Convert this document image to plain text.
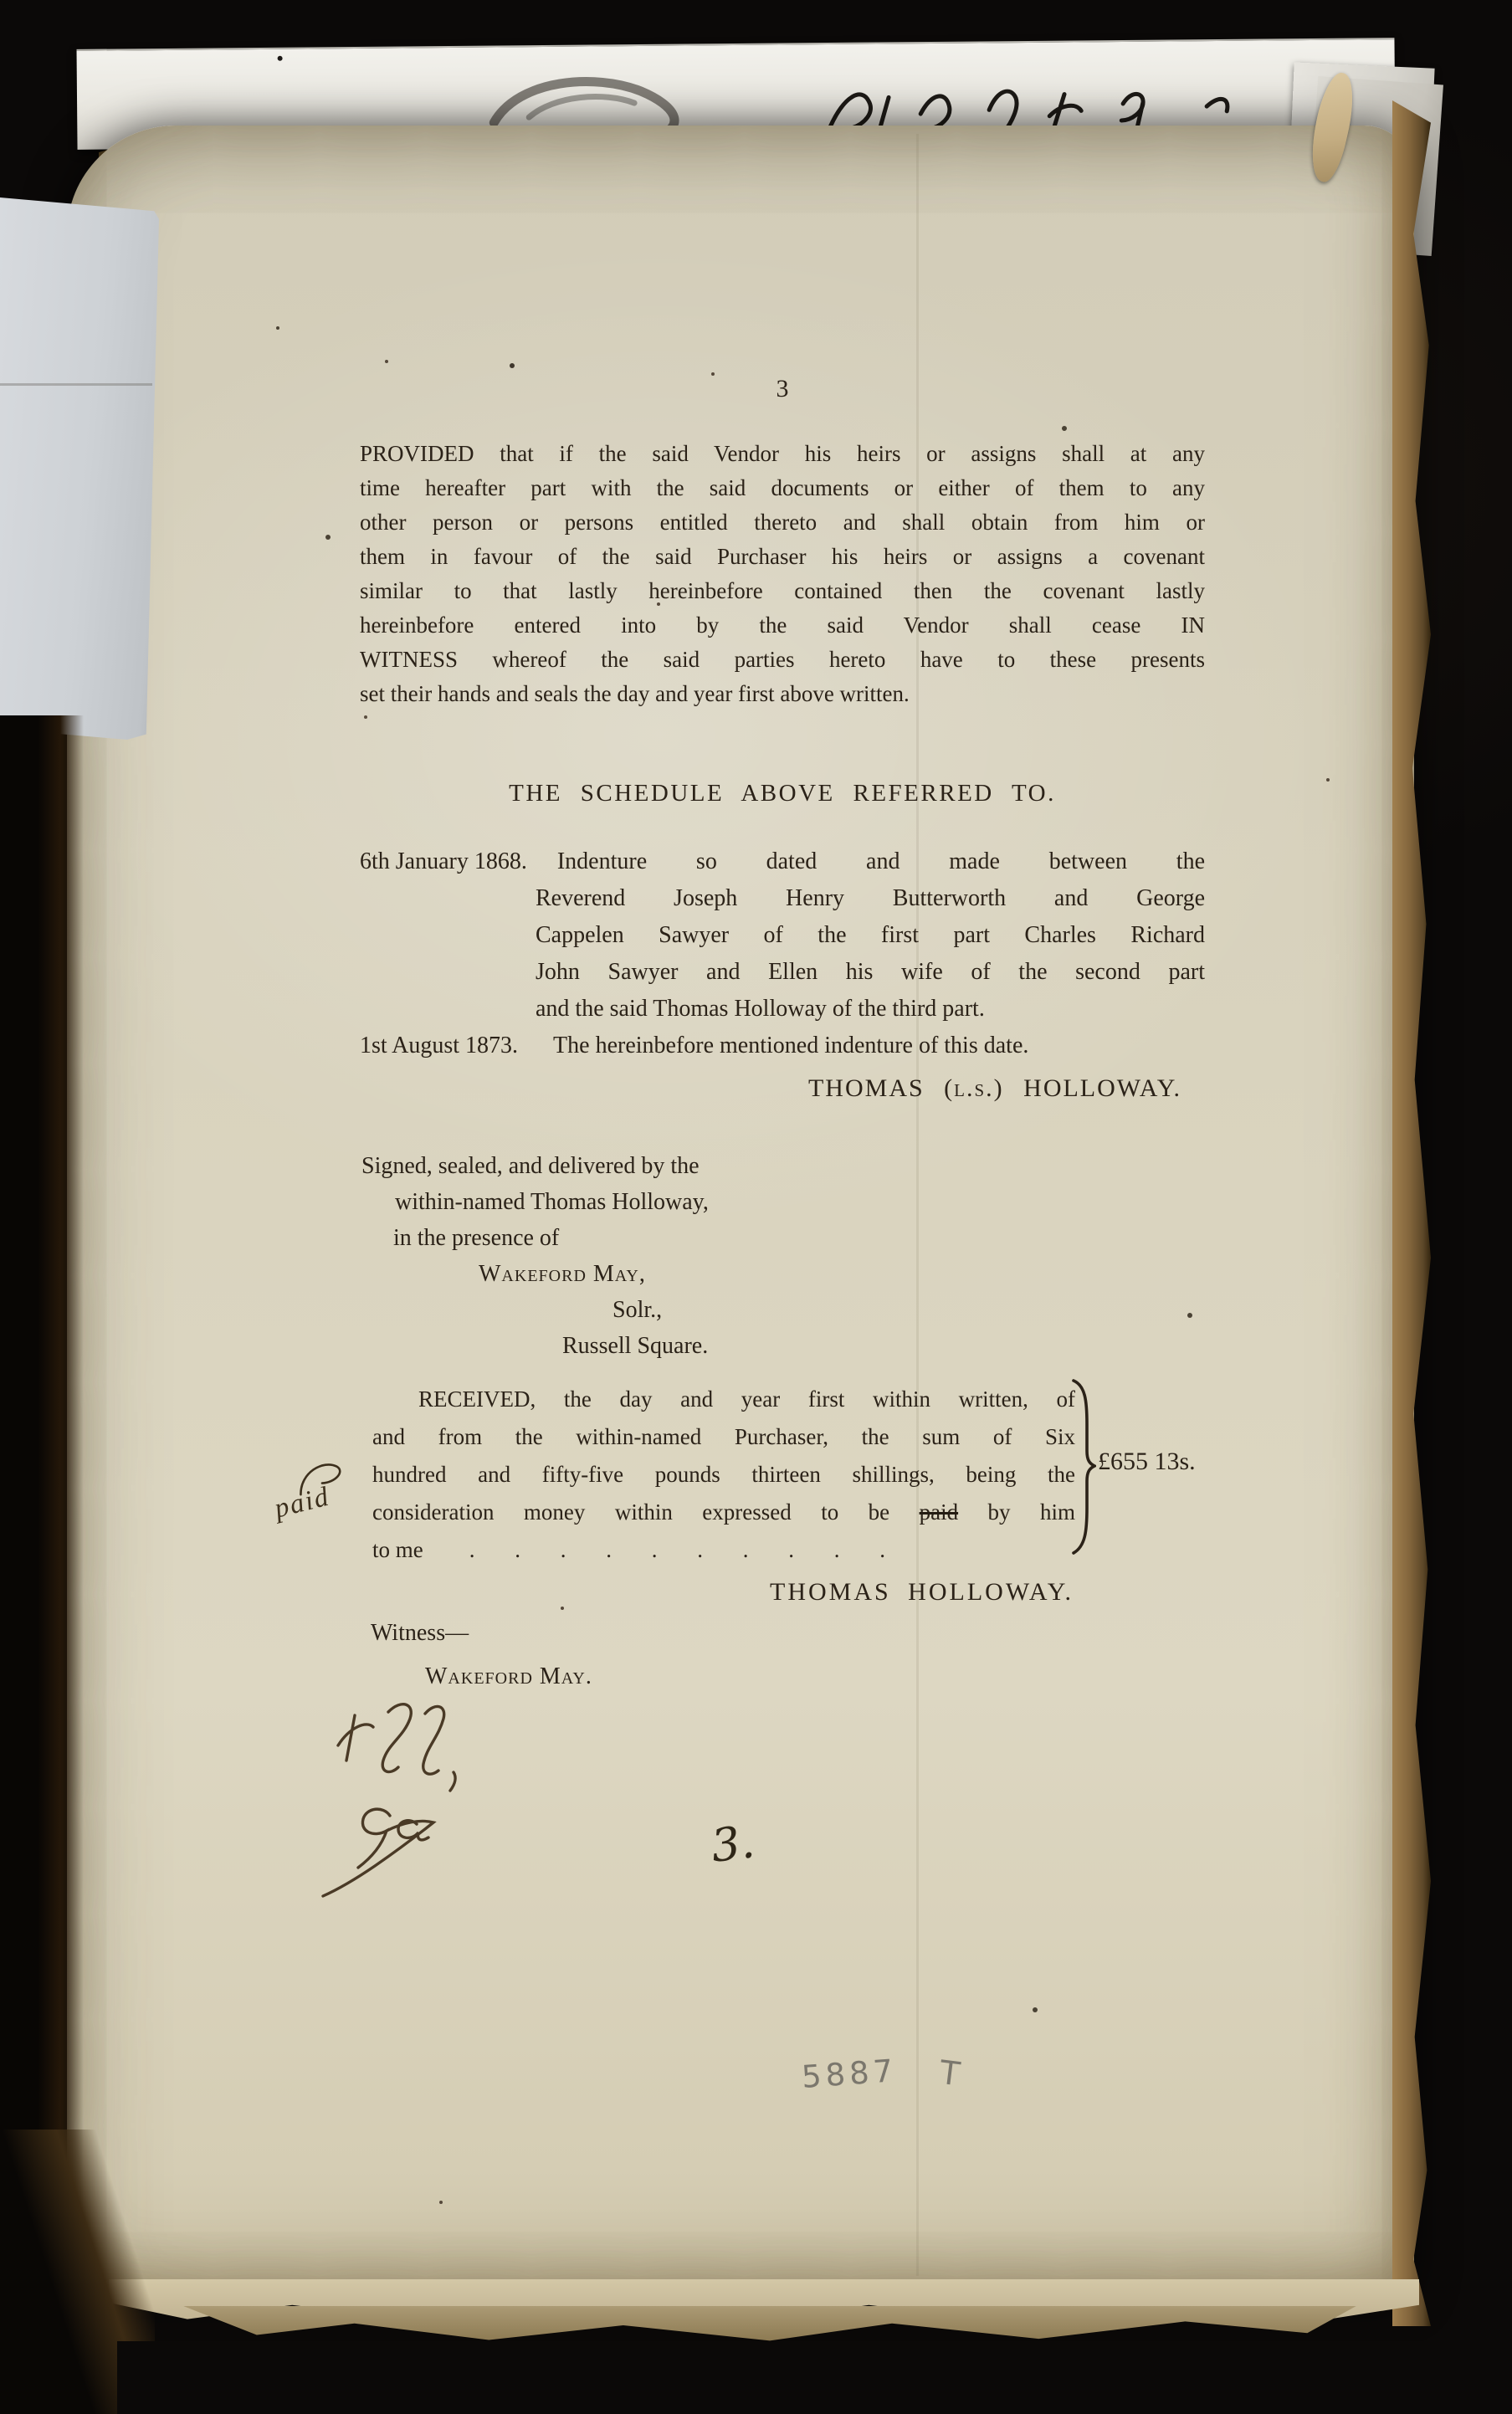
3
PROVIDED that if the said Vendor his heirs or assigns shall at any
time hereafter part with the said documents or either of them to any
other person or persons entitled thereto and shall obtain from him or
them in favour of the said Purchaser his heirs or assigns a covenant
similar to that lastly hereinbefore contained then the covenant lastly
hereinbefore entered into by the said Vendor shall cease IN
WITNESS whereof the said parties hereto have to these presents
set their hands and seals the day and year first above written.
THE SCHEDULE ABOVE REFERRED TO.
6th January 1868. Indenture so dated and made between the
Reverend Joseph Henry Butterworth and George
Cappelen Sawyer of the first part Charles Richard
John Sawyer and Ellen his wife of the second part
and the said Thomas Holloway of the third part.
1st August 1873. The hereinbefore mentioned indenture of this date.
THOMAS (l.s.) HOLLOWAY.
Signed, sealed, and delivered by the
within-named Thomas Holloway,
in the presence of
Wakeford May,
Solr.,
Russell Square.
RECEIVED, the day and year first within written, of
and from the within-named Purchaser, the sum of Six
hundred and fifty-five pounds thirteen shillings, being the
consideration money within expressed to be paid by him
to me . . . . . . . . . .
£655 13s.
paid
THOMAS HOLLOWAY.
Witness—
Wakeford May.
3.
5887 T
